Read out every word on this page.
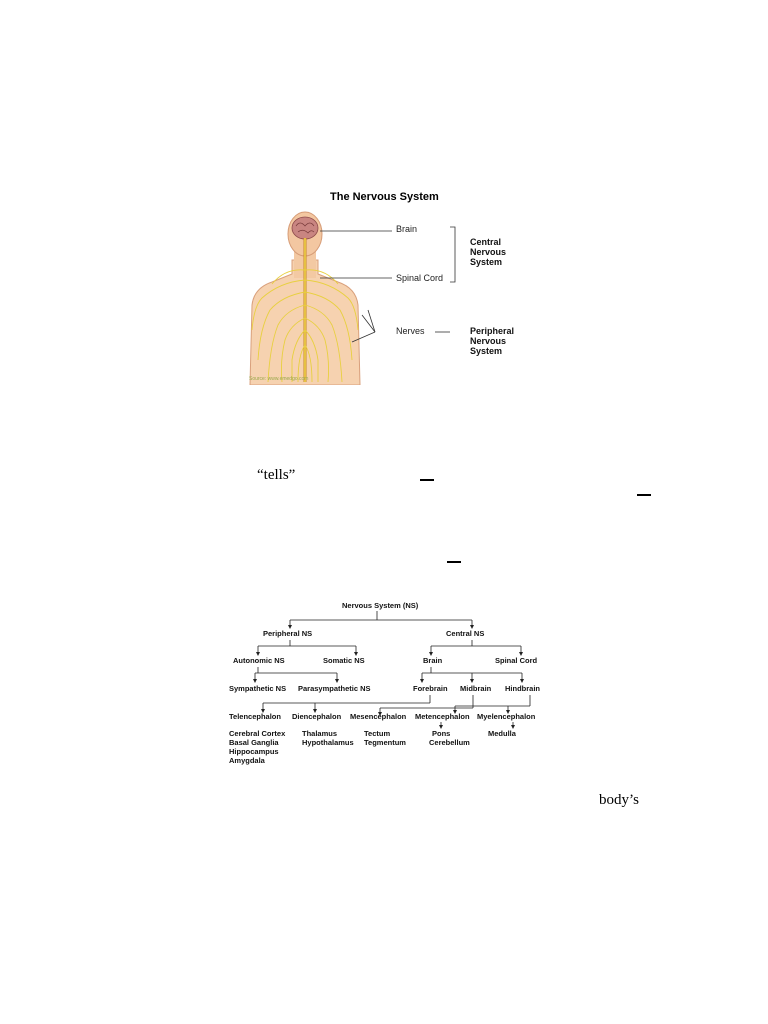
The Nervous System
Brain
Spinal Cord
Nerves
Central
Nervous
System
Peripheral
Nervous
System
Source: www.emedgo.com
“tells”
body’s
Nervous System (NS)
Peripheral NS	Central NS
Autonomic NS	Somatic NS	Brain	Spinal Cord
Sympathetic NS Parasympathetic NS	Forebrain Midbrain Hindbrain
Telencephalon Diencephalon Mesencephalon Metencephalon Myelencephalon
Cerebral Cortex
Basal Ganglia
Hippocampus
Amygdala
Thalamus
Hypothalamus
Tectum
Tegmentum
Pons
Cerebellum
Medulla
